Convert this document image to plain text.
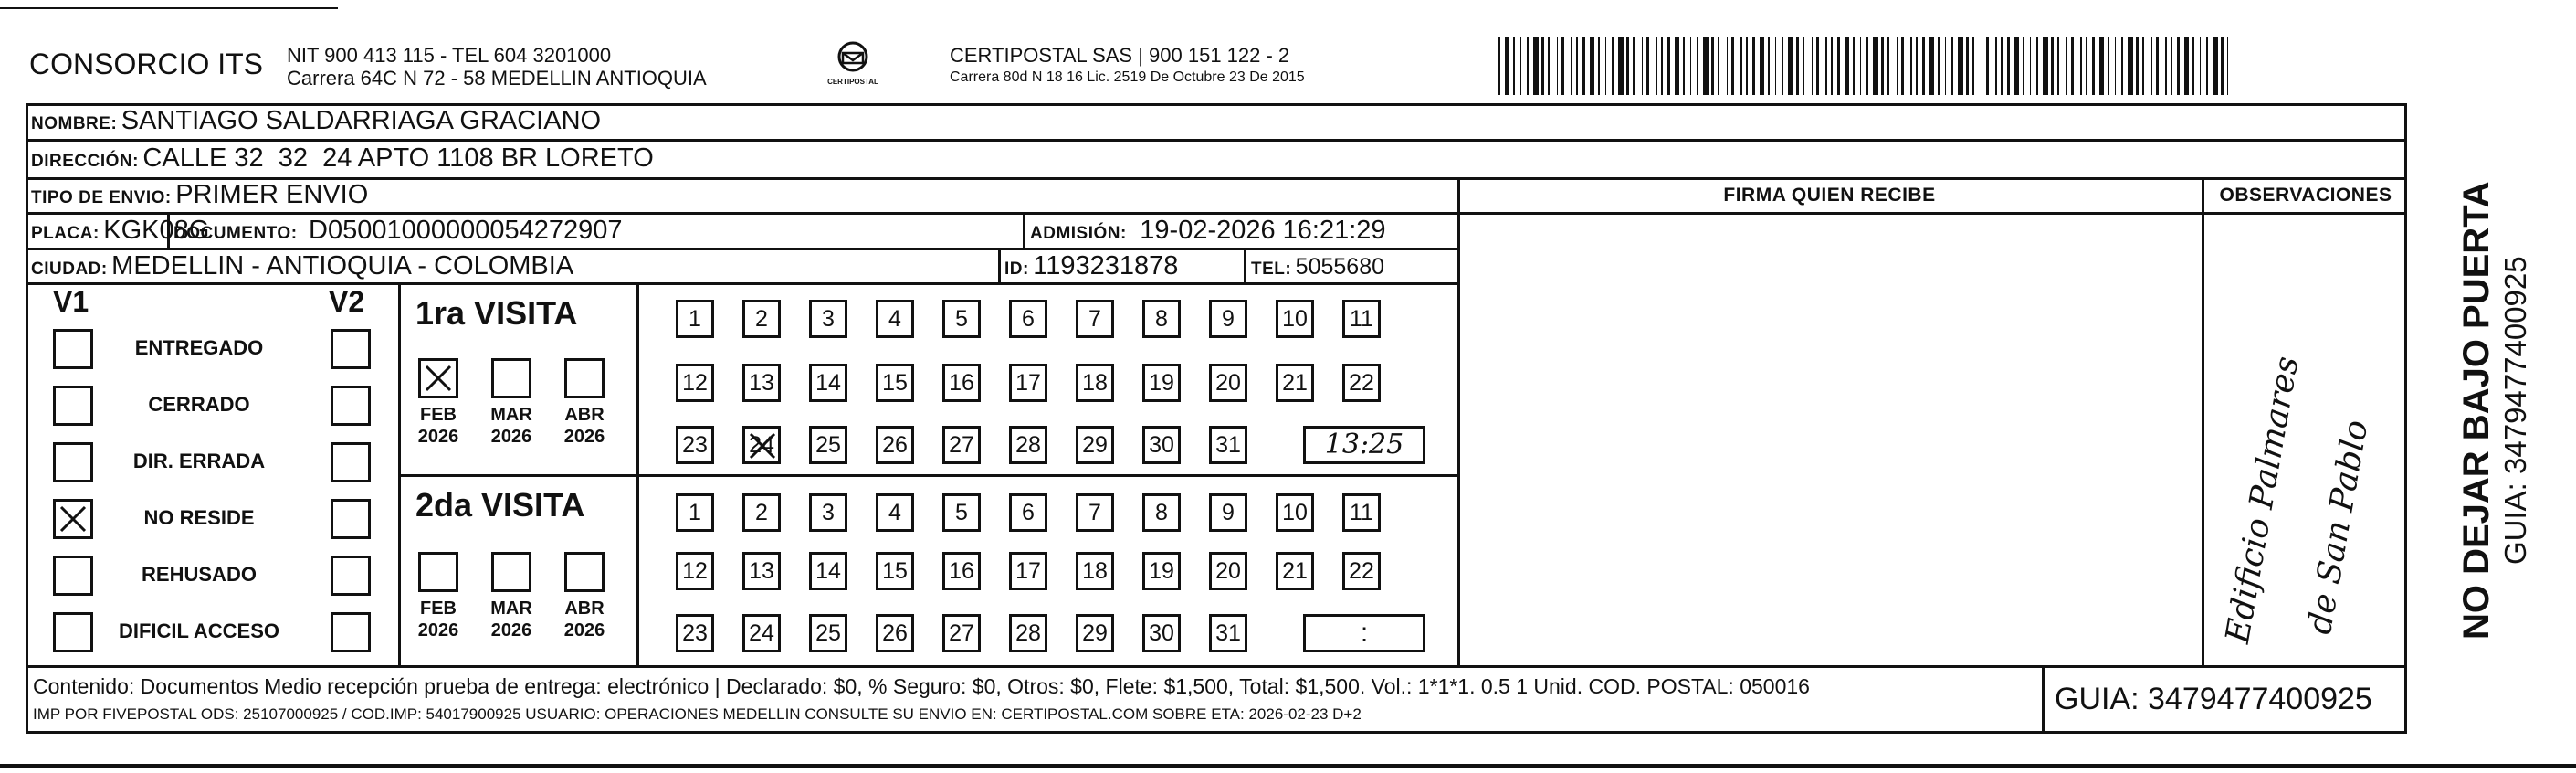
CONSORCIO ITS NIT 900 413 115 - TEL 604 3201000
Carrera 64C N 72 - 58 MEDELLIN ANTIOQUIA	CERTIPOSTAL
CERTIPOSTAL SAS | 900 151 122 - 2
Carrera 80d N 18 16 Lic. 2519 De Octubre 23 De 2015
NOMBRE: SANTIAGO SALDARRIAGA GRACIANO
DIRECCIÓN: CALLE 32  32  24 APTO 1108 BR LORETO
TIPO DE ENVIO: PRIMER ENVIO	FIRMA QUIEN RECIBE	OBSERVACIONES
PLACA: KGK08G
DOCUMENTO: D05001000000054272907	ADMISIÓN: 19-02-2026 16:21:29
CIUDAD: MEDELLIN - ANTIOQUIA - COLOMBIA	ID: 1193231878	TEL: 5055680
V1	V2
ENTREGADO
CERRADO
DIR. ERRADA
NO RESIDE
REHUSADO
DIFICIL ACCESO
1ra VISITA
2da VISITA
FEB
2026
MAR
2026
ABR
2026
1	2	3	4	5	6	7	8	9	10	11
12 13 14 15 16 17 18 19 20 21 22
23 24 25 26 27 28 29 30 31	13:25
FEB
2026
MAR
2026
ABR
2026
1	2	3	4	5	6	7	8	9	10	11
12 13 14 15 16 17 18 19 20 21 22
23 24 25 26 27 28 29 30 31	:	Edificio Palmares
de San Pablo NO DEJAR BAJO PUERTA GUIA: 3479477400925
Contenido: Documentos Medio recepción prueba de entrega: electrónico | Declarado: $0, % Seguro: $0, Otros: $0, Flete: $1,500, Total: $1,500. Vol.: 1*1*1. 0.5 1 Unid. COD. POSTAL: 050016
IMP POR FIVEPOSTAL ODS: 25107000925 / COD.IMP: 54017900925 USUARIO: OPERACIONES MEDELLIN CONSULTE SU ENVIO EN: CERTIPOSTAL.COM SOBRE ETA: 2026-02-23 D+2	GUIA: 3479477400925
